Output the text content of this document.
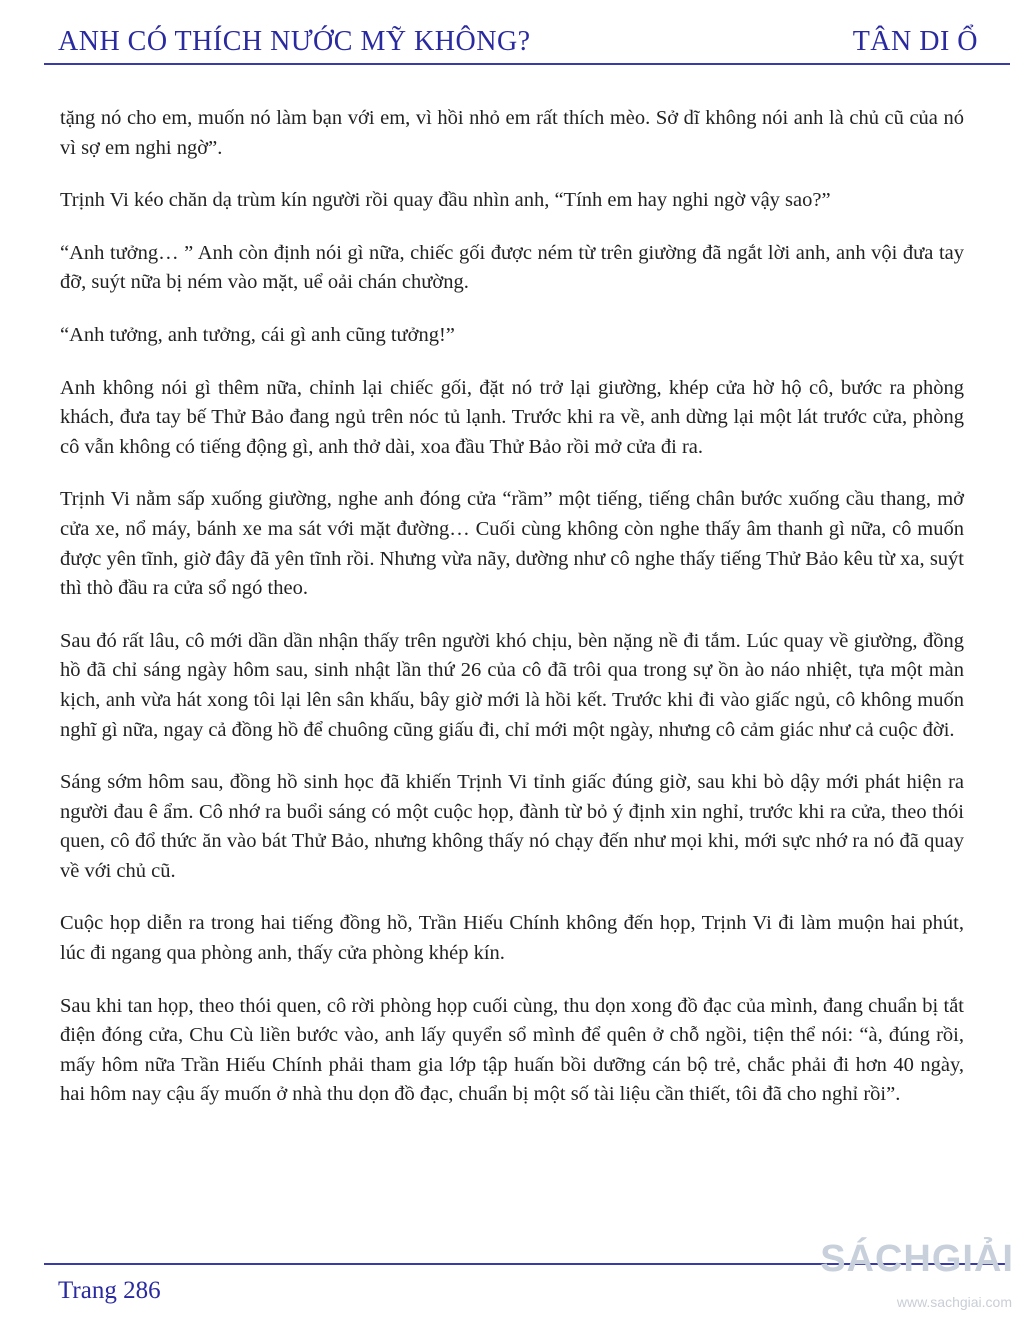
ANH CÓ THÍCH NƯỚC MỸ KHÔNG?	TÂN DI Ổ

tặng nó cho em, muốn nó làm bạn với em, vì hồi nhỏ em rất thích mèo. Sở dĩ không nói anh là chủ cũ của nó vì sợ em nghi ngờ”.

Trịnh Vi kéo chăn dạ trùm kín người rồi quay đầu nhìn anh, “Tính em hay nghi ngờ vậy sao?”

“Anh tưởng… ” Anh còn định nói gì nữa, chiếc gối được ném từ trên giường đã ngắt lời anh, anh vội đưa tay đỡ, suýt nữa bị ném vào mặt, uể oải chán chường.

“Anh tưởng, anh tưởng, cái gì anh cũng tưởng!”

Anh không nói gì thêm nữa, chỉnh lại chiếc gối, đặt nó trở lại giường, khép cửa hờ hộ cô, bước ra phòng khách, đưa tay bế Thử Bảo đang ngủ trên nóc tủ lạnh. Trước khi ra về, anh dừng lại một lát trước cửa, phòng cô vẫn không có tiếng động gì, anh thở dài, xoa đầu Thử Bảo rồi mở cửa đi ra.

Trịnh Vi nằm sấp xuống giường, nghe anh đóng cửa “rầm” một tiếng, tiếng chân bước xuống cầu thang, mở cửa xe, nổ máy, bánh xe ma sát với mặt đường… Cuối cùng không còn nghe thấy âm thanh gì nữa, cô muốn được yên tĩnh, giờ đây đã yên tĩnh rồi. Nhưng vừa nãy, dường như cô nghe thấy tiếng Thử Bảo kêu từ xa, suýt thì thò đầu ra cửa sổ ngó theo.

Sau đó rất lâu, cô mới dần dần nhận thấy trên người khó chịu, bèn nặng nề đi tắm. Lúc quay về giường, đồng hồ đã chỉ sáng ngày hôm sau, sinh nhật lần thứ 26 của cô đã trôi qua trong sự ồn ào náo nhiệt, tựa một màn kịch, anh vừa hát xong tôi lại lên sân khấu, bây giờ mới là hồi kết. Trước khi đi vào giấc ngủ, cô không muốn nghĩ gì nữa, ngay cả đồng hồ để chuông cũng giấu đi, chỉ mới một ngày, nhưng cô cảm giác như cả cuộc đời.

Sáng sớm hôm sau, đồng hồ sinh học đã khiến Trịnh Vi tỉnh giấc đúng giờ, sau khi bò dậy mới phát hiện ra người đau ê ẩm. Cô nhớ ra buổi sáng có một cuộc họp, đành từ bỏ ý định xin nghỉ, trước khi ra cửa, theo thói quen, cô đổ thức ăn vào bát Thử Bảo, nhưng không thấy nó chạy đến như mọi khi, mới sực nhớ ra nó đã quay về với chủ cũ.

Cuộc họp diễn ra trong hai tiếng đồng hồ, Trần Hiếu Chính không đến họp, Trịnh Vi đi làm muộn hai phút, lúc đi ngang qua phòng anh, thấy cửa phòng khép kín.

Sau khi tan họp, theo thói quen, cô rời phòng họp cuối cùng, thu dọn xong đồ đạc của mình, đang chuẩn bị tắt điện đóng cửa, Chu Cù liền bước vào, anh lấy quyển sổ mình để quên ở chỗ ngồi, tiện thể nói: “à, đúng rồi, mấy hôm nữa Trần Hiếu Chính phải tham gia lớp tập huấn bồi dưỡng cán bộ trẻ, chắc phải đi hơn 40 ngày, hai hôm nay cậu ấy muốn ở nhà thu dọn đồ đạc, chuẩn bị một số tài liệu cần thiết, tôi đã cho nghỉ rồi”.

Trang 286
SÁCHGIẢI
www.sachgiai.com
